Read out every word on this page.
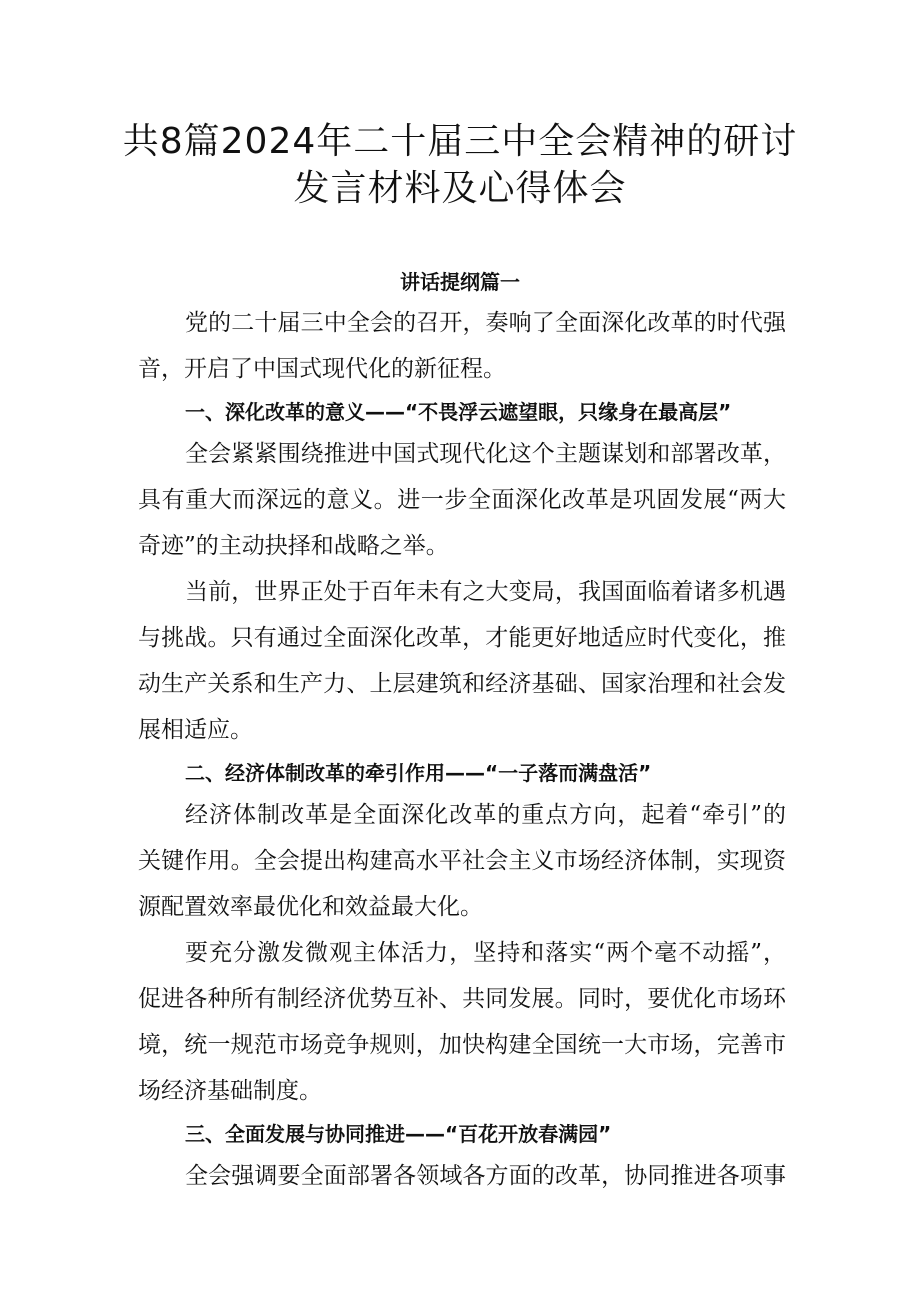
共8篇2024年二十届三中全会精神的研讨
发言材料及心得体会
讲话提纲篇一
党的二十届三中全会的召开，奏响了全面深化改革的时代强
音，开启了中国式现代化的新征程。
一、深化改革的意义——“不畏浮云遮望眼，只缘身在最高层”
全会紧紧围绕推进中国式现代化这个主题谋划和部署改革，
具有重大而深远的意义。进一步全面深化改革是巩固发展“两大
奇迹”的主动抉择和战略之举。
当前，世界正处于百年未有之大变局，我国面临着诸多机遇
与挑战。只有通过全面深化改革，才能更好地适应时代变化，推
动生产关系和生产力、上层建筑和经济基础、国家治理和社会发
展相适应。
二、经济体制改革的牵引作用——“一子落而满盘活”
经济体制改革是全面深化改革的重点方向，起着“牵引”的
关键作用。全会提出构建高水平社会主义市场经济体制，实现资
源配置效率最优化和效益最大化。
要充分激发微观主体活力，坚持和落实“两个毫不动摇”，
促进各种所有制经济优势互补、共同发展。同时，要优化市场环
境，统一规范市场竞争规则，加快构建全国统一大市场，完善市
场经济基础制度。
三、全面发展与协同推进——“百花开放春满园”
全会强调要全面部署各领域各方面的改革，协同推进各项事
